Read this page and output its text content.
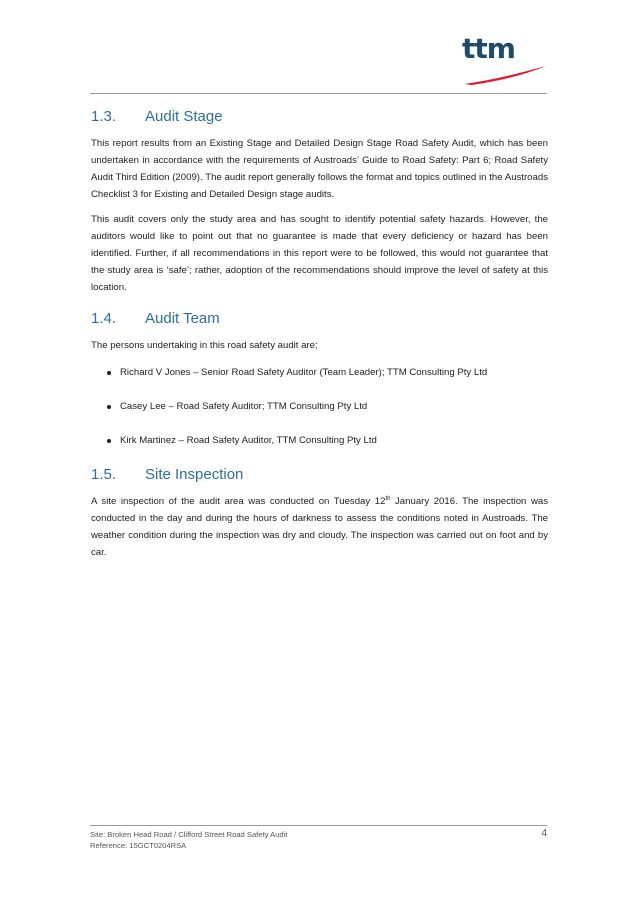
ttm
1.3.	Audit Stage

This report results from an Existing Stage and Detailed Design Stage Road Safety Audit, which has been undertaken in accordance with the requirements of Austroads’ Guide to Road Safety: Part 6; Road Safety Audit Third Edition (2009). The audit report generally follows the format and topics outlined in the Austroads Checklist 3 for Existing and Detailed Design stage audits.

This audit covers only the study area and has sought to identify potential safety hazards. However, the auditors would like to point out that no guarantee is made that every deficiency or hazard has been identified. Further, if all recommendations in this report were to be followed, this would not guarantee that the study area is ‘safe’; rather, adoption of the recommendations should improve the level of safety at this location.

1.4.	Audit Team

The persons undertaking in this road safety audit are;

Richard V Jones – Senior Road Safety Auditor (Team Leader); TTM Consulting Pty Ltd
Casey Lee – Road Safety Auditor; TTM Consulting Pty Ltd
Kirk Martinez – Road Safety Auditor, TTM Consulting Pty Ltd
1.5.	Site Inspection

A site inspection of the audit area was conducted on Tuesday 12th January 2016. The inspection was conducted in the day and during the hours of darkness to assess the conditions noted in Austroads. The weather condition during the inspection was dry and cloudy. The inspection was carried out on foot and by car.

Site: Broken Head Road / Clifford Street Road Safety Audit
Reference: 15GCT0204RSA
4
